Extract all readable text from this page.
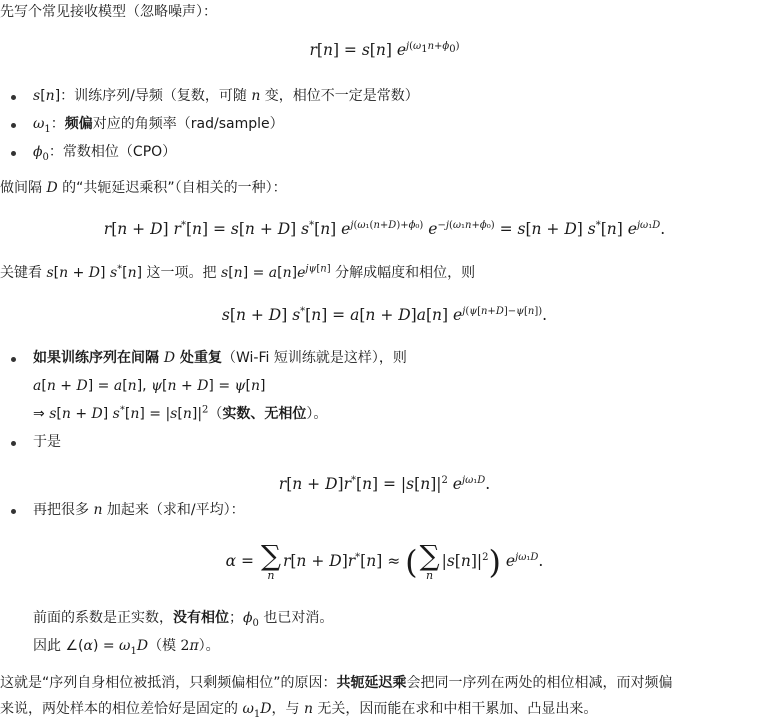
先写个常见接收模型（忽略噪声）：
r[n] = s[n] $e^{j(\omega_1n+\phi_0)}$
s[n]：训练序列/导频（复数，可随 n 变，相位不一定是常数）
$\omega_1$：频偏对应的角频率（rad/sample）
$\phi_0$：常数相位（CPO）
做间隔 D 的“共轭延迟乘积”（自相关的一种）：
r[n + D] r*[n] = s[n + D] s*[n] $e^{j(\omega_1(n+D)+\phi_0)}$ $e^{-j(\omega_1n+\phi_0)} = s[n + D]$ s*[n] $e^{j\omega_1D}$.
关键看 s[n + D] s*[n] 这一项。把 $s[n] = a[n]e^{j\psi[n]}$ 分解成幅度和相位，则
s[n + D] s*[n] = a[n + D]a[n] $e^{j(\psi[n+D]-\psi[n])}$.
如果训练序列在间隔 D 处重复（Wi-Fi 短训练就是这样），则
a[n + D] = a[n], ψ[n + D] = ψ[n]
⇒ s[n + D] $s^*[n] = |s[n]|^2$（实数、无相位）。
于是
$r[n + D]r^*[n] = |s[n]|^2$ $e^{j\omega_1D}$.
再把很多 n 加起来（求和/平均）：
α = ∑
n
r[n + D]r*[n] ≈ ( ∑
n
$|s[n]|^2$) $e^{j\omega_1D}$.
前面的系数是正实数，没有相位；$\phi_0$ 也已对消。
因此 ∠(α) = $\omega_1D$（模 2π）。
这就是“序列自身相位被抵消，只剩频偏相位”的原因：共轭延迟乘会把同一序列在两处的相位相减，而对频偏
来说，两处样本的相位差恰好是固定的 $\omega_1D$，与 n 无关，因而能在求和中相干累加、凸显出来。
